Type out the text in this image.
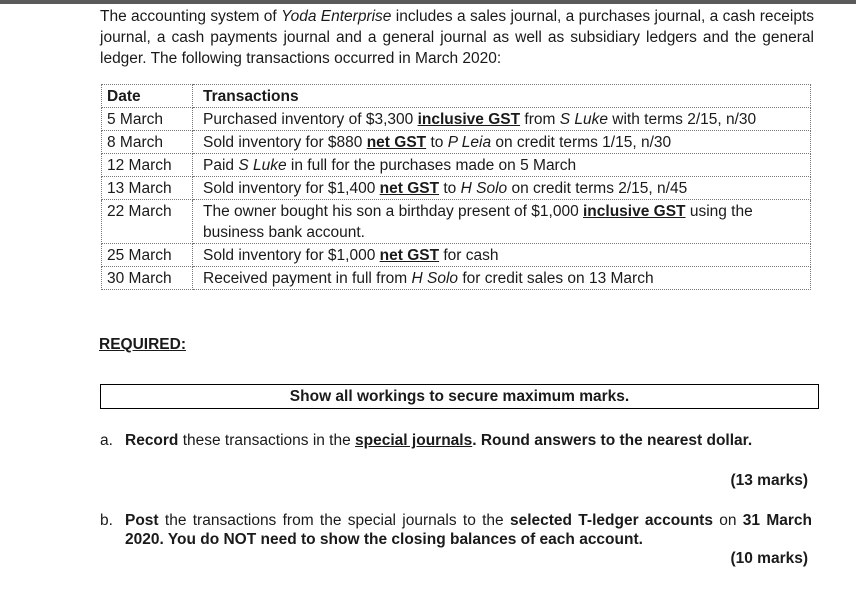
The accounting system of Yoda Enterprise includes a sales journal, a purchases journal, a cash receipts journal, a cash payments journal and a general journal as well as subsidiary ledgers and the general ledger. The following transactions occurred in March 2020:
Date	Transactions
5 March	Purchased inventory of $3,300 inclusive GST from S Luke with terms 2/15, n/30
8 March	Sold inventory for $880 net GST to P Leia on credit terms 1/15, n/30
12 March	Paid S Luke in full for the purchases made on 5 March
13 March	Sold inventory for $1,400 net GST to H Solo on credit terms 2/15, n/45
22 March	The owner bought his son a birthday present of $1,000 inclusive GST using the business bank account.
25 March	Sold inventory for $1,000 net GST for cash
30 March	Received payment in full from H Solo for credit sales on 13 March
REQUIRED:
Show all workings to secure maximum marks.
a. Record these transactions in the special journals. Round answers to the nearest dollar.
(13 marks)
b. Post the transactions from the special journals to the selected T-ledger accounts on 31 March 2020. You do NOT need to show the closing balances of each account.
(10 marks)
